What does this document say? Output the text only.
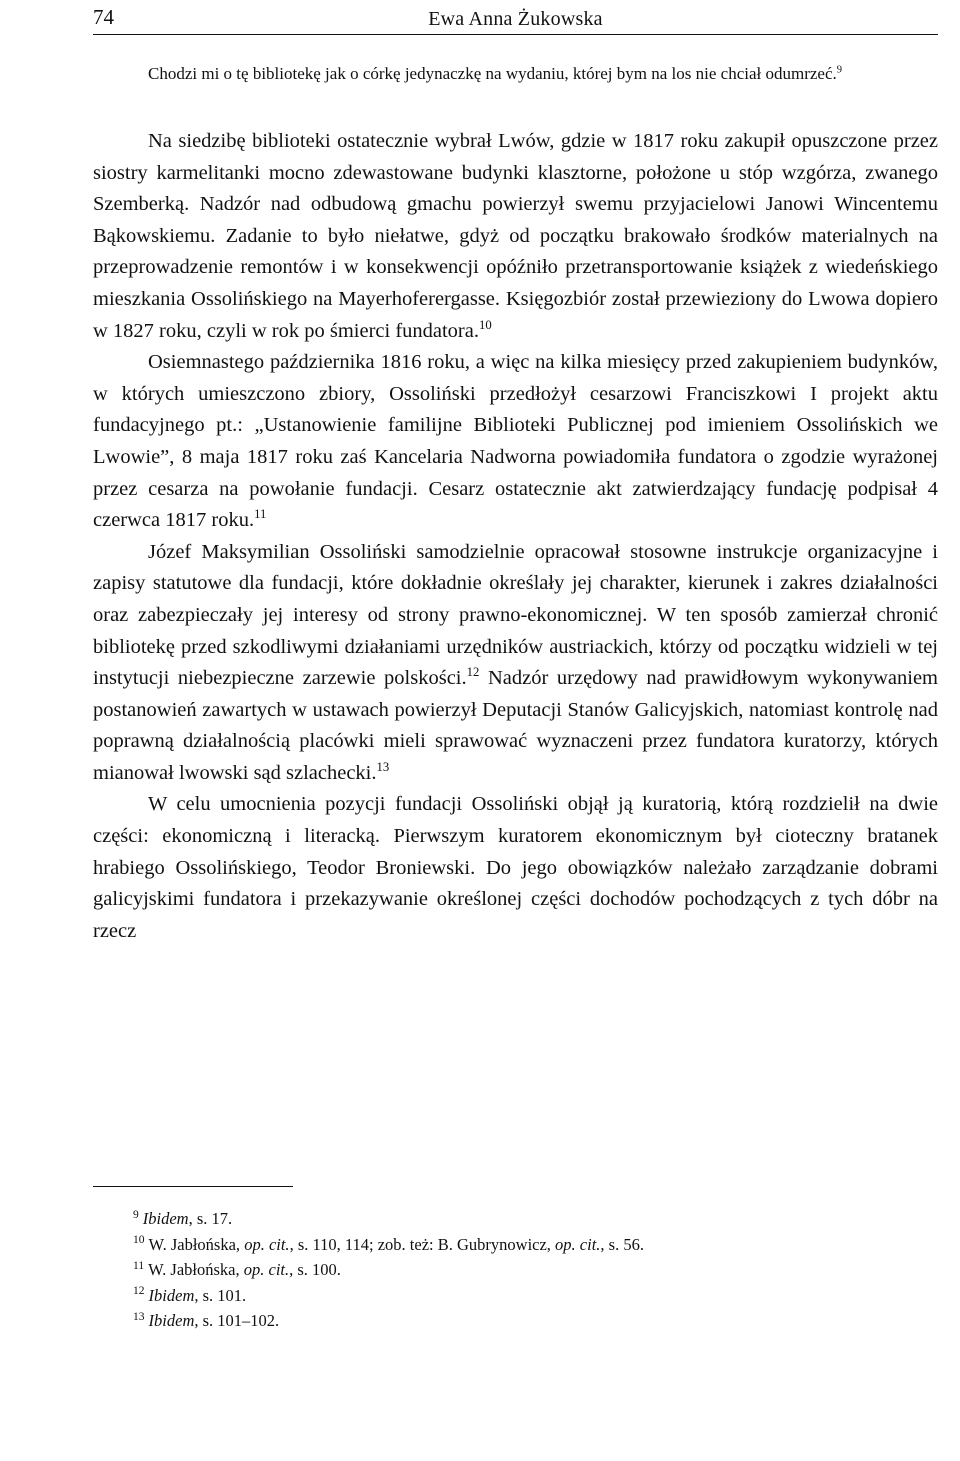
74	Ewa Anna Żukowska

Chodzi mi o tę bibliotekę jak o córkę jedynaczkę na wydaniu, której bym na los nie chciał odumrzeć.$^9$

Na siedzibę biblioteki ostatecznie wybrał Lwów, gdzie w 1817 roku zakupił opuszczone przez siostry karmelitanki mocno zdewastowane budynki klasztorne, położone u stóp wzgórza, zwanego Szemberką. Nadzór nad odbudową gmachu powierzył swemu przyjacielowi Janowi Wincentemu Bąkowskiemu. Zadanie to było niełatwe, gdyż od początku brakowało środków materialnych na przeprowadzenie remontów i w konsekwencji opóźniło przetransportowanie książek z wiedeńskiego mieszkania Ossolińskiego na Mayerhoferergasse. Księgozbiór został przewieziony do Lwowa dopiero w 1827 roku, czyli w rok po śmierci fundatora.$^{10}$

Osiemnastego października 1816 roku, a więc na kilka miesięcy przed zakupieniem budynków, w których umieszczono zbiory, Ossoliński przedłożył cesarzowi Franciszkowi I projekt aktu fundacyjnego pt.: „Ustanowienie familijne Biblioteki Publicznej pod imieniem Ossolińskich we Lwowie”, 8 maja 1817 roku zaś Kancelaria Nadworna powiadomiła fundatora o zgodzie wyrażonej przez cesarza na powołanie fundacji. Cesarz ostatecznie akt zatwierdzający fundację podpisał 4 czerwca 1817 roku.$^{11}$

Józef Maksymilian Ossoliński samodzielnie opracował stosowne instrukcje organizacyjne i zapisy statutowe dla fundacji, które dokładnie określały jej charakter, kierunek i zakres działalności oraz zabezpieczały jej interesy od strony prawno-ekonomicznej. W ten sposób zamierzał chronić bibliotekę przed szkodliwymi działaniami urzędników austriackich, którzy od początku widzieli w tej instytucji niebezpieczne zarzewie polskości.$^{12}$ Nadzór urzędowy nad prawidłowym wykonywaniem postanowień zawartych w ustawach powierzył Deputacji Stanów Galicyjskich, natomiast kontrolę nad poprawną działalnością placówki mieli sprawować wyznaczeni przez fundatora kuratorzy, których mianował lwowski sąd szlachecki.$^{13}$

W celu umocnienia pozycji fundacji Ossoliński objął ją kuratorią, którą rozdzielił na dwie części: ekonomiczną i literacką. Pierwszym kuratorem ekonomicznym był cioteczny bratanek hrabiego Ossolińskiego, Teodor Broniewski. Do jego obowiązków należało zarządzanie dobrami galicyjskimi fundatora i przekazywanie określonej części dochodów pochodzących z tych dóbr na rzecz

$^9$ Ibidem, s. 17.

$^{10}$ W. Jabłońska, op. cit., s. 110, 114; zob. też: B. Gubrynowicz, op. cit., s. 56.

$^{11}$ W. Jabłońska, op. cit., s. 100.

$^{12}$ Ibidem, s. 101.

$^{13}$ Ibidem, s. 101–102.
